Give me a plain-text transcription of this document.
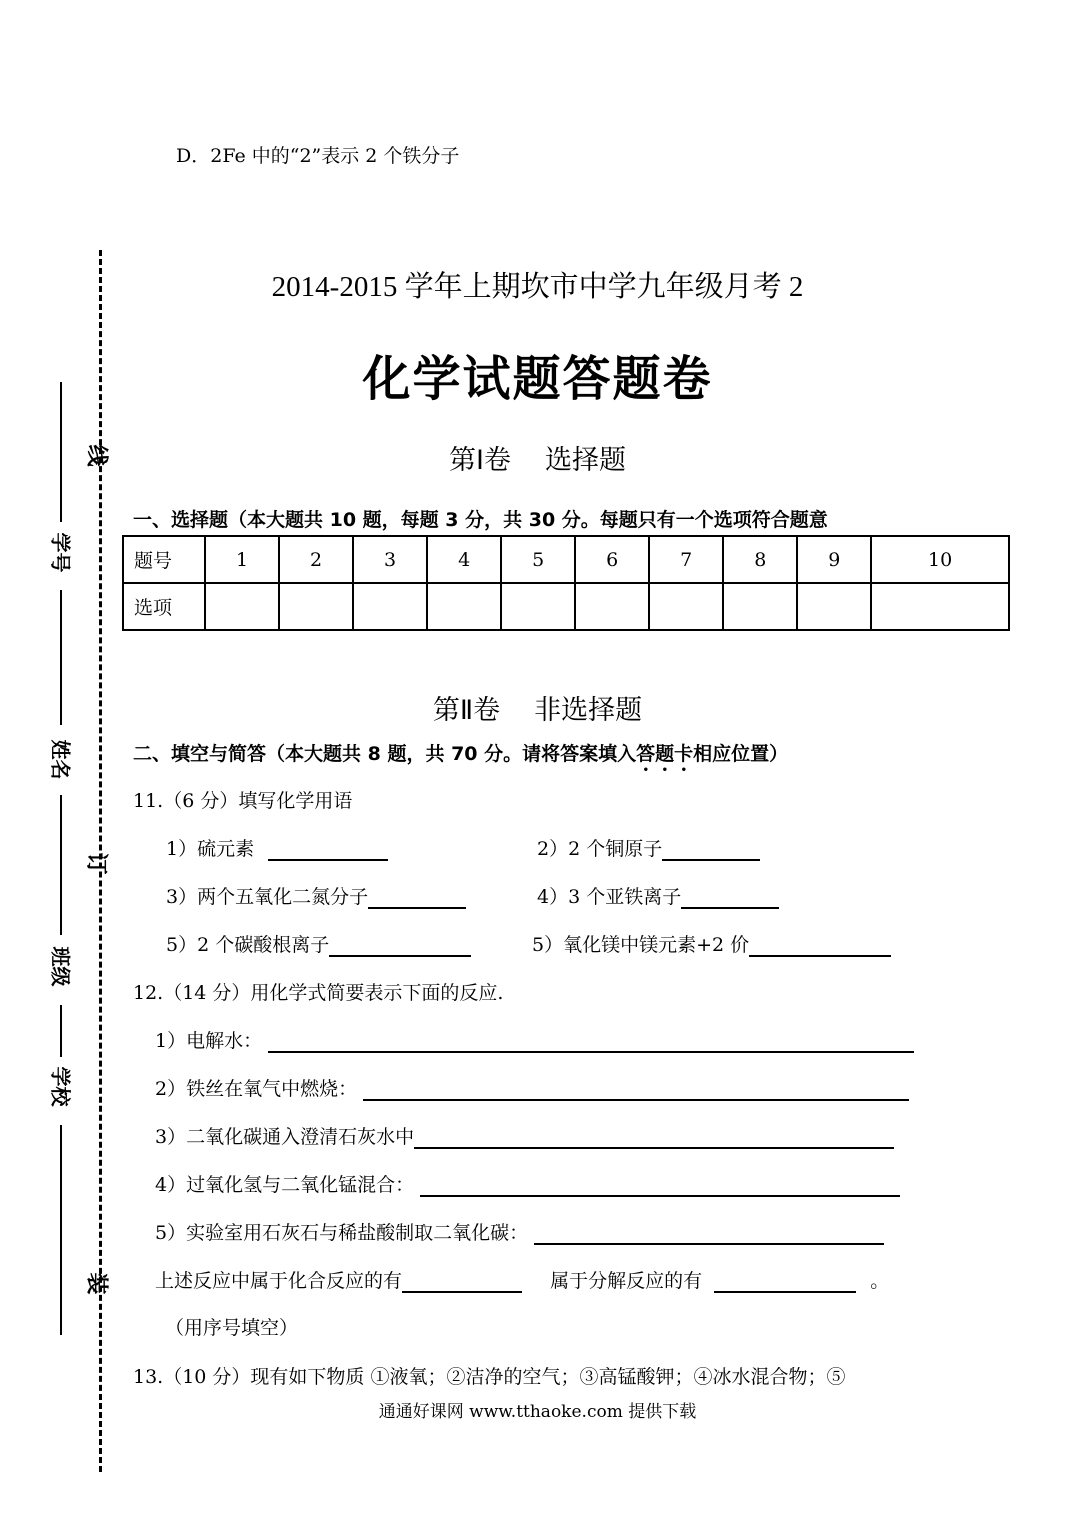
学号
姓名
班级
学校
线
订
装
D．2Fe 中的“2”表示 2 个铁分子
2014-2015 学年上期坎市中学九年级月考 2
化学试题答题卷
第Ⅰ卷 选择题
一、选择题（本大题共 10 题，每题 3 分，共 30 分。每题只有一个选项符合题意
题号	1	2	3	4	5	6	7	8	9	10
选项										
第Ⅱ卷 非选择题
二、填空与简答（本大题共 8 题，共 70 分。请将答案填入答题卡相应位置）
11.（6 分）填写化学用语
1）硫元素	2）2 个铜原子
3）两个五氧化二氮分子	4）3 个亚铁离子
5）2 个碳酸根离子	5）氧化镁中镁元素+2 价
12.（14 分）用化学式简要表示下面的反应.
1）电解水：
2）铁丝在氧气中燃烧：
3）二氧化碳通入澄清石灰水中
4）过氧化氢与二氧化锰混合：
5）实验室用石灰石与稀盐酸制取二氧化碳：
上述反应中属于化合反应的有	属于分解反应的有	。
（用序号填空）
13.（10 分）现有如下物质 ①液氧；②洁净的空气；③高锰酸钾；④冰水混合物；⑤
通通好课网 www.tthaoke.com 提供下载
